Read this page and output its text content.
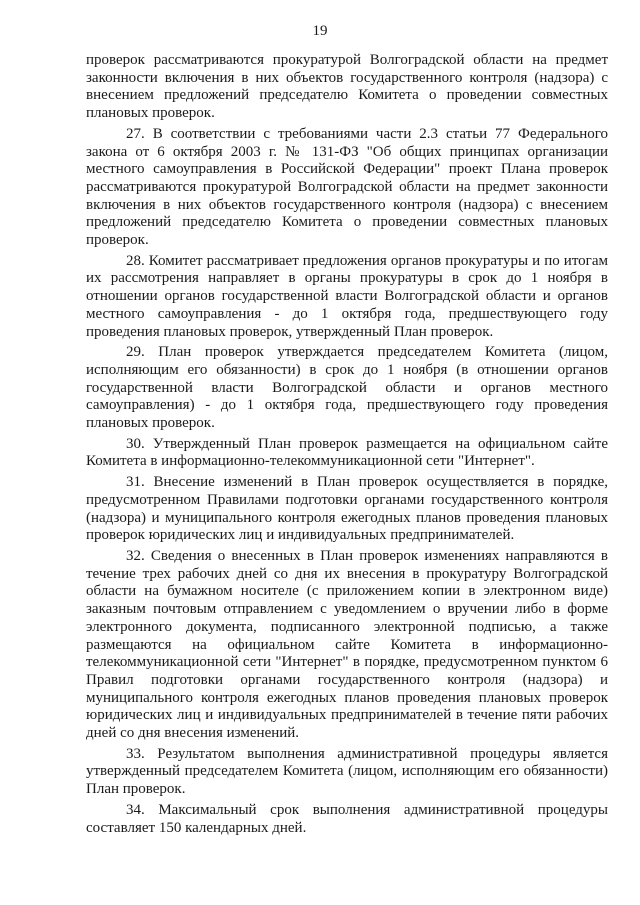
19

проверок рассматриваются прокуратурой Волгоградской области на предмет законности включения в них объектов государственного контроля (надзора) с внесением предложений председателю Комитета о проведении совместных плановых проверок.

27. В соответствии с требованиями части 2.3 статьи 77 Федерального закона от 6 октября 2003 г. № 131-ФЗ "Об общих принципах организации местного самоуправления в Российской Федерации" проект Плана проверок рассматриваются прокуратурой Волгоградской области на предмет законности включения в них объектов государственного контроля (надзора) с внесением предложений председателю Комитета о проведении совместных плановых проверок.

28. Комитет рассматривает предложения органов прокуратуры и по итогам их рассмотрения направляет в органы прокуратуры в срок до 1 ноября в отношении органов государственной власти Волгоградской области и органов местного самоуправления - до 1 октября года, предшествующего году проведения плановых проверок, утвержденный План проверок.

29. План проверок утверждается председателем Комитета (лицом, исполняющим его обязанности) в срок до 1 ноября (в отношении органов государственной власти Волгоградской области и органов местного самоуправления) - до 1 октября года, предшествующего году проведения плановых проверок.

30. Утвержденный План проверок размещается на официальном сайте Комитета в информационно-телекоммуникационной сети "Интернет".

31. Внесение изменений в План проверок осуществляется в порядке, предусмотренном Правилами подготовки органами государственного контроля (надзора) и муниципального контроля ежегодных планов проведения плановых проверок юридических лиц и индивидуальных предпринимателей.

32. Сведения о внесенных в План проверок изменениях направляются в течение трех рабочих дней со дня их внесения в прокуратуру Волгоградской области на бумажном носителе (с приложением копии в электронном виде) заказным почтовым отправлением с уведомлением о вручении либо в форме электронного документа, подписанного электронной подписью, а также размещаются на официальном сайте Комитета в информационно-телекоммуникационной сети "Интернет" в порядке, предусмотренном пунктом 6 Правил подготовки органами государственного контроля (надзора) и муниципального контроля ежегодных планов проведения плановых проверок юридических лиц и индивидуальных предпринимателей в течение пяти рабочих дней со дня внесения изменений.

33. Результатом выполнения административной процедуры является утвержденный председателем Комитета (лицом, исполняющим его обязанности) План проверок.

34. Максимальный срок выполнения административной процедуры составляет 150 календарных дней.
